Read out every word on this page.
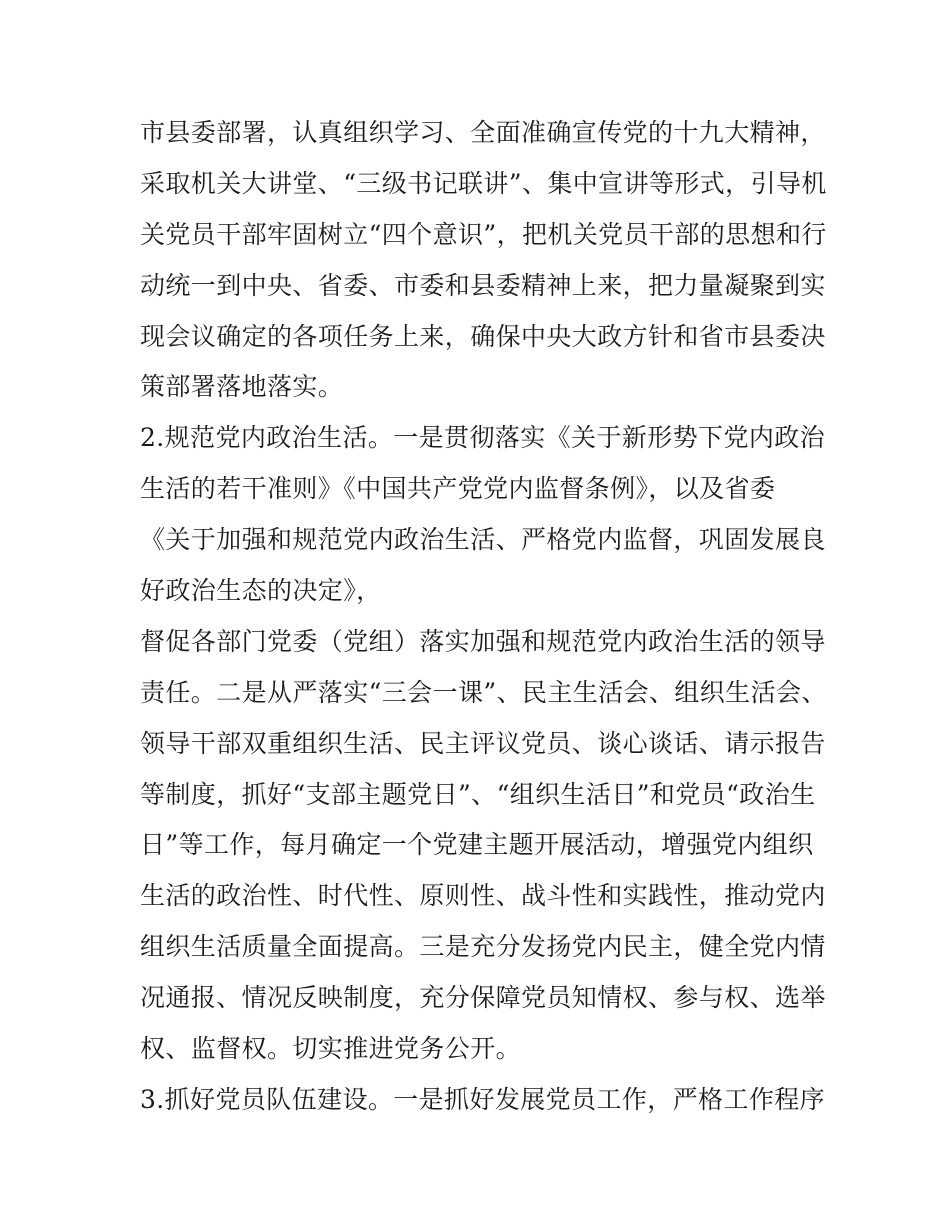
市县委部署，认真组织学习、全面准确宣传党的十九大精神，
采取机关大讲堂、“三级书记联讲”、集中宣讲等形式，引导机
关党员干部牢固树立“四个意识”，把机关党员干部的思想和行
动统一到中央、省委、市委和县委精神上来，把力量凝聚到实
现会议确定的各项任务上来，确保中央大政方针和省市县委决
策部署落地落实。
2.规范党内政治生活。一是贯彻落实《关于新形势下党内政治
生活的若干准则》《中国共产党党内监督条例》，以及省委
《关于加强和规范党内政治生活、严格党内监督，巩固发展良
好政治生态的决定》，
督促各部门党委（党组）落实加强和规范党内政治生活的领导
责任。二是从严落实“三会一课”、民主生活会、组织生活会、
领导干部双重组织生活、民主评议党员、谈心谈话、请示报告
等制度，抓好“支部主题党日”、“组织生活日”和党员“政治生
日”等工作，每月确定一个党建主题开展活动，增强党内组织
生活的政治性、时代性、原则性、战斗性和实践性，推动党内
组织生活质量全面提高。三是充分发扬党内民主，健全党内情
况通报、情况反映制度，充分保障党员知情权、参与权、选举
权、监督权。切实推进党务公开。
3.抓好党员队伍建设。一是抓好发展党员工作，严格工作程序
